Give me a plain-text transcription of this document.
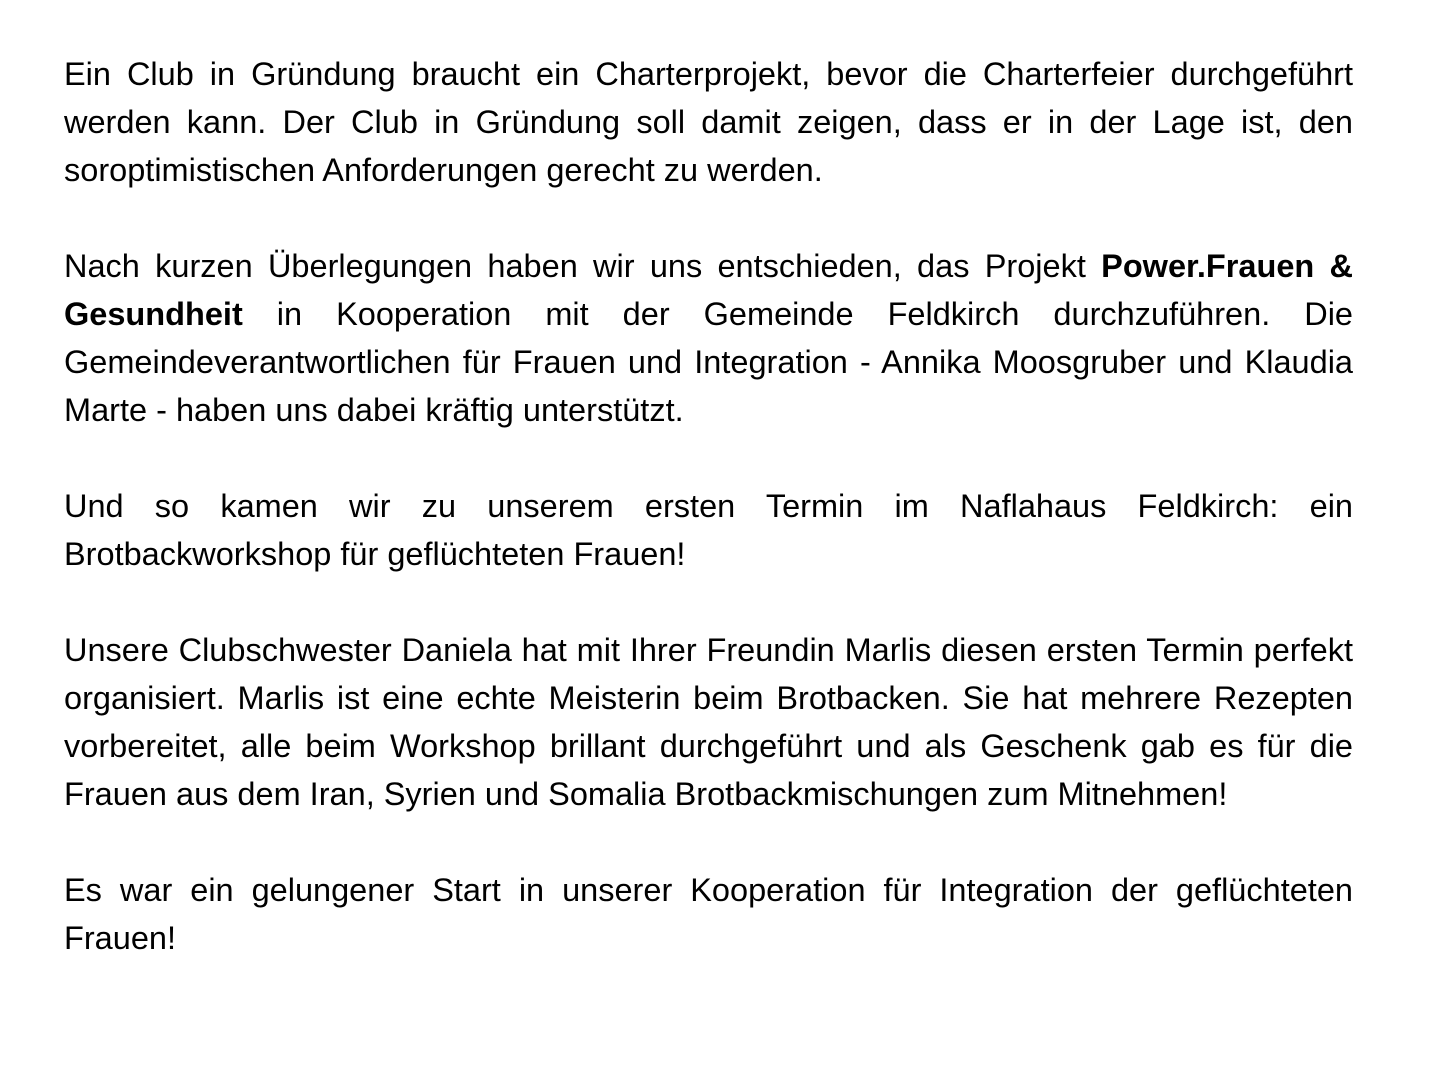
Ein Club in Gründung braucht ein Charterprojekt, bevor die Charterfeier durchgeführt werden kann. Der Club in Gründung soll damit zeigen, dass er in der Lage ist, den soroptimistischen Anforderungen gerecht zu werden.

Nach kurzen Überlegungen haben wir uns entschieden, das Projekt Power.Frauen & Gesundheit in Kooperation mit der Gemeinde Feldkirch durchzuführen. Die Gemeindeverantwortlichen für Frauen und Integration - Annika Moosgruber und Klaudia Marte - haben uns dabei kräftig unterstützt.

Und so kamen wir zu unserem ersten Termin im Naflahaus Feldkirch: ein Brotbackworkshop für geflüchteten Frauen!

Unsere Clubschwester Daniela hat mit Ihrer Freundin Marlis diesen ersten Termin perfekt organisiert. Marlis ist eine echte Meisterin beim Brotbacken. Sie hat mehrere Rezepten vorbereitet, alle beim Workshop brillant durchgeführt und als Geschenk gab es für die Frauen aus dem Iran, Syrien und Somalia Brotbackmischungen zum Mitnehmen!

Es war ein gelungener Start in unserer Kooperation für Integration der geflüchteten Frauen!
